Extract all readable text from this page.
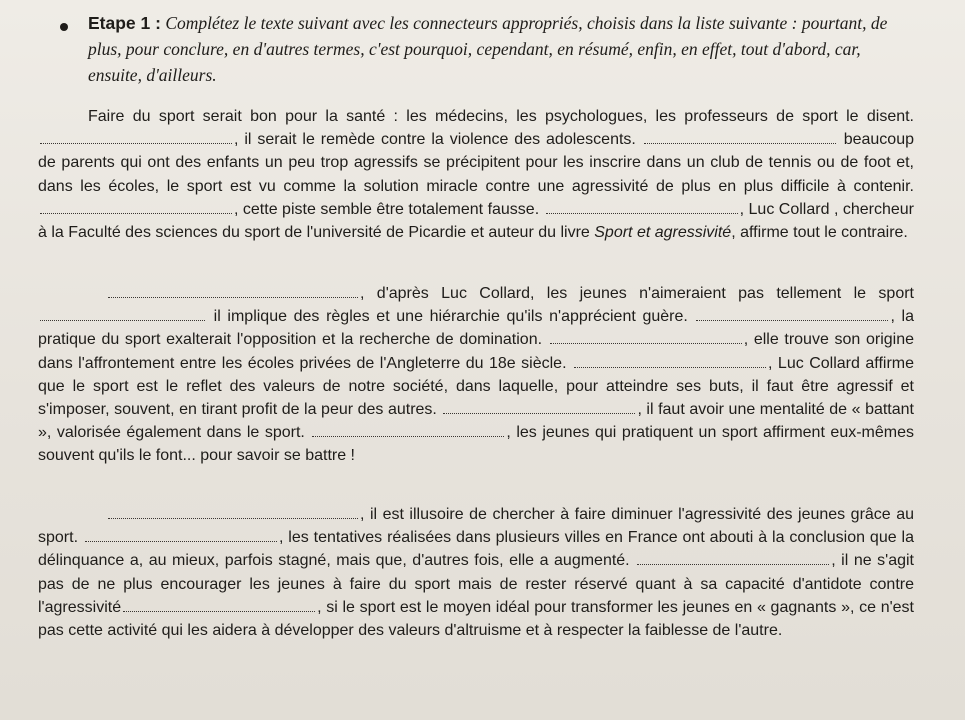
Etape 1 : Complétez le texte suivant avec les connecteurs appropriés, choisis dans la liste suivante : pourtant, de plus, pour conclure, en d'autres termes, c'est pourquoi, cependant, en résumé, enfin, en effet, tout d'abord, car, ensuite, d'ailleurs.
Faire du sport serait bon pour la santé : les médecins, les psychologues, les professeurs de sport le disent. , il serait le remède contre la violence des adolescents.	beaucoup de parents qui ont des enfants un peu trop agressifs se précipitent pour les inscrire dans un club de tennis ou de foot et, dans les écoles, le sport est vu comme la solution miracle contre une agressivité de plus en plus difficile à contenir. , cette piste semble être totalement fausse.	, Luc Collard , chercheur à la Faculté des sciences du sport de l'université de Picardie et auteur du livre Sport et agressivité, affirme tout le contraire.
, d'après Luc Collard, les jeunes n'aimeraient pas tellement le sport  il implique des règles et une hiérarchie qu'ils n'apprécient guère.	, la pratique du sport exalterait l'opposition et la recherche de domination.	, elle trouve son origine dans l'affrontement entre les écoles privées de l'Angleterre du 18e siècle.	, Luc Collard affirme que le sport est le reflet des valeurs de notre société, dans laquelle, pour atteindre ses buts, il faut être agressif et s'imposer, souvent, en tirant profit de la peur des autres.	, il faut avoir une mentalité de « battant », valorisée également dans le sport.	, les jeunes qui pratiquent un sport affirment eux-mêmes souvent qu'ils le font... pour savoir se battre !
, il est illusoire de chercher à faire diminuer l'agressivité des jeunes grâce au sport.	, les tentatives réalisées dans plusieurs villes en France ont abouti à la conclusion que la délinquance a, au mieux, parfois stagné, mais que, d'autres fois, elle a augmenté.	, il ne s'agit pas de ne plus encourager les jeunes à faire du sport mais de rester réservé quant à sa capacité d'antidote contre l'agressivité	, si le sport est le moyen idéal pour transformer les jeunes en « gagnants », ce n'est pas cette activité qui les aidera à développer des valeurs d'altruisme et à respecter la faiblesse de l'autre.
